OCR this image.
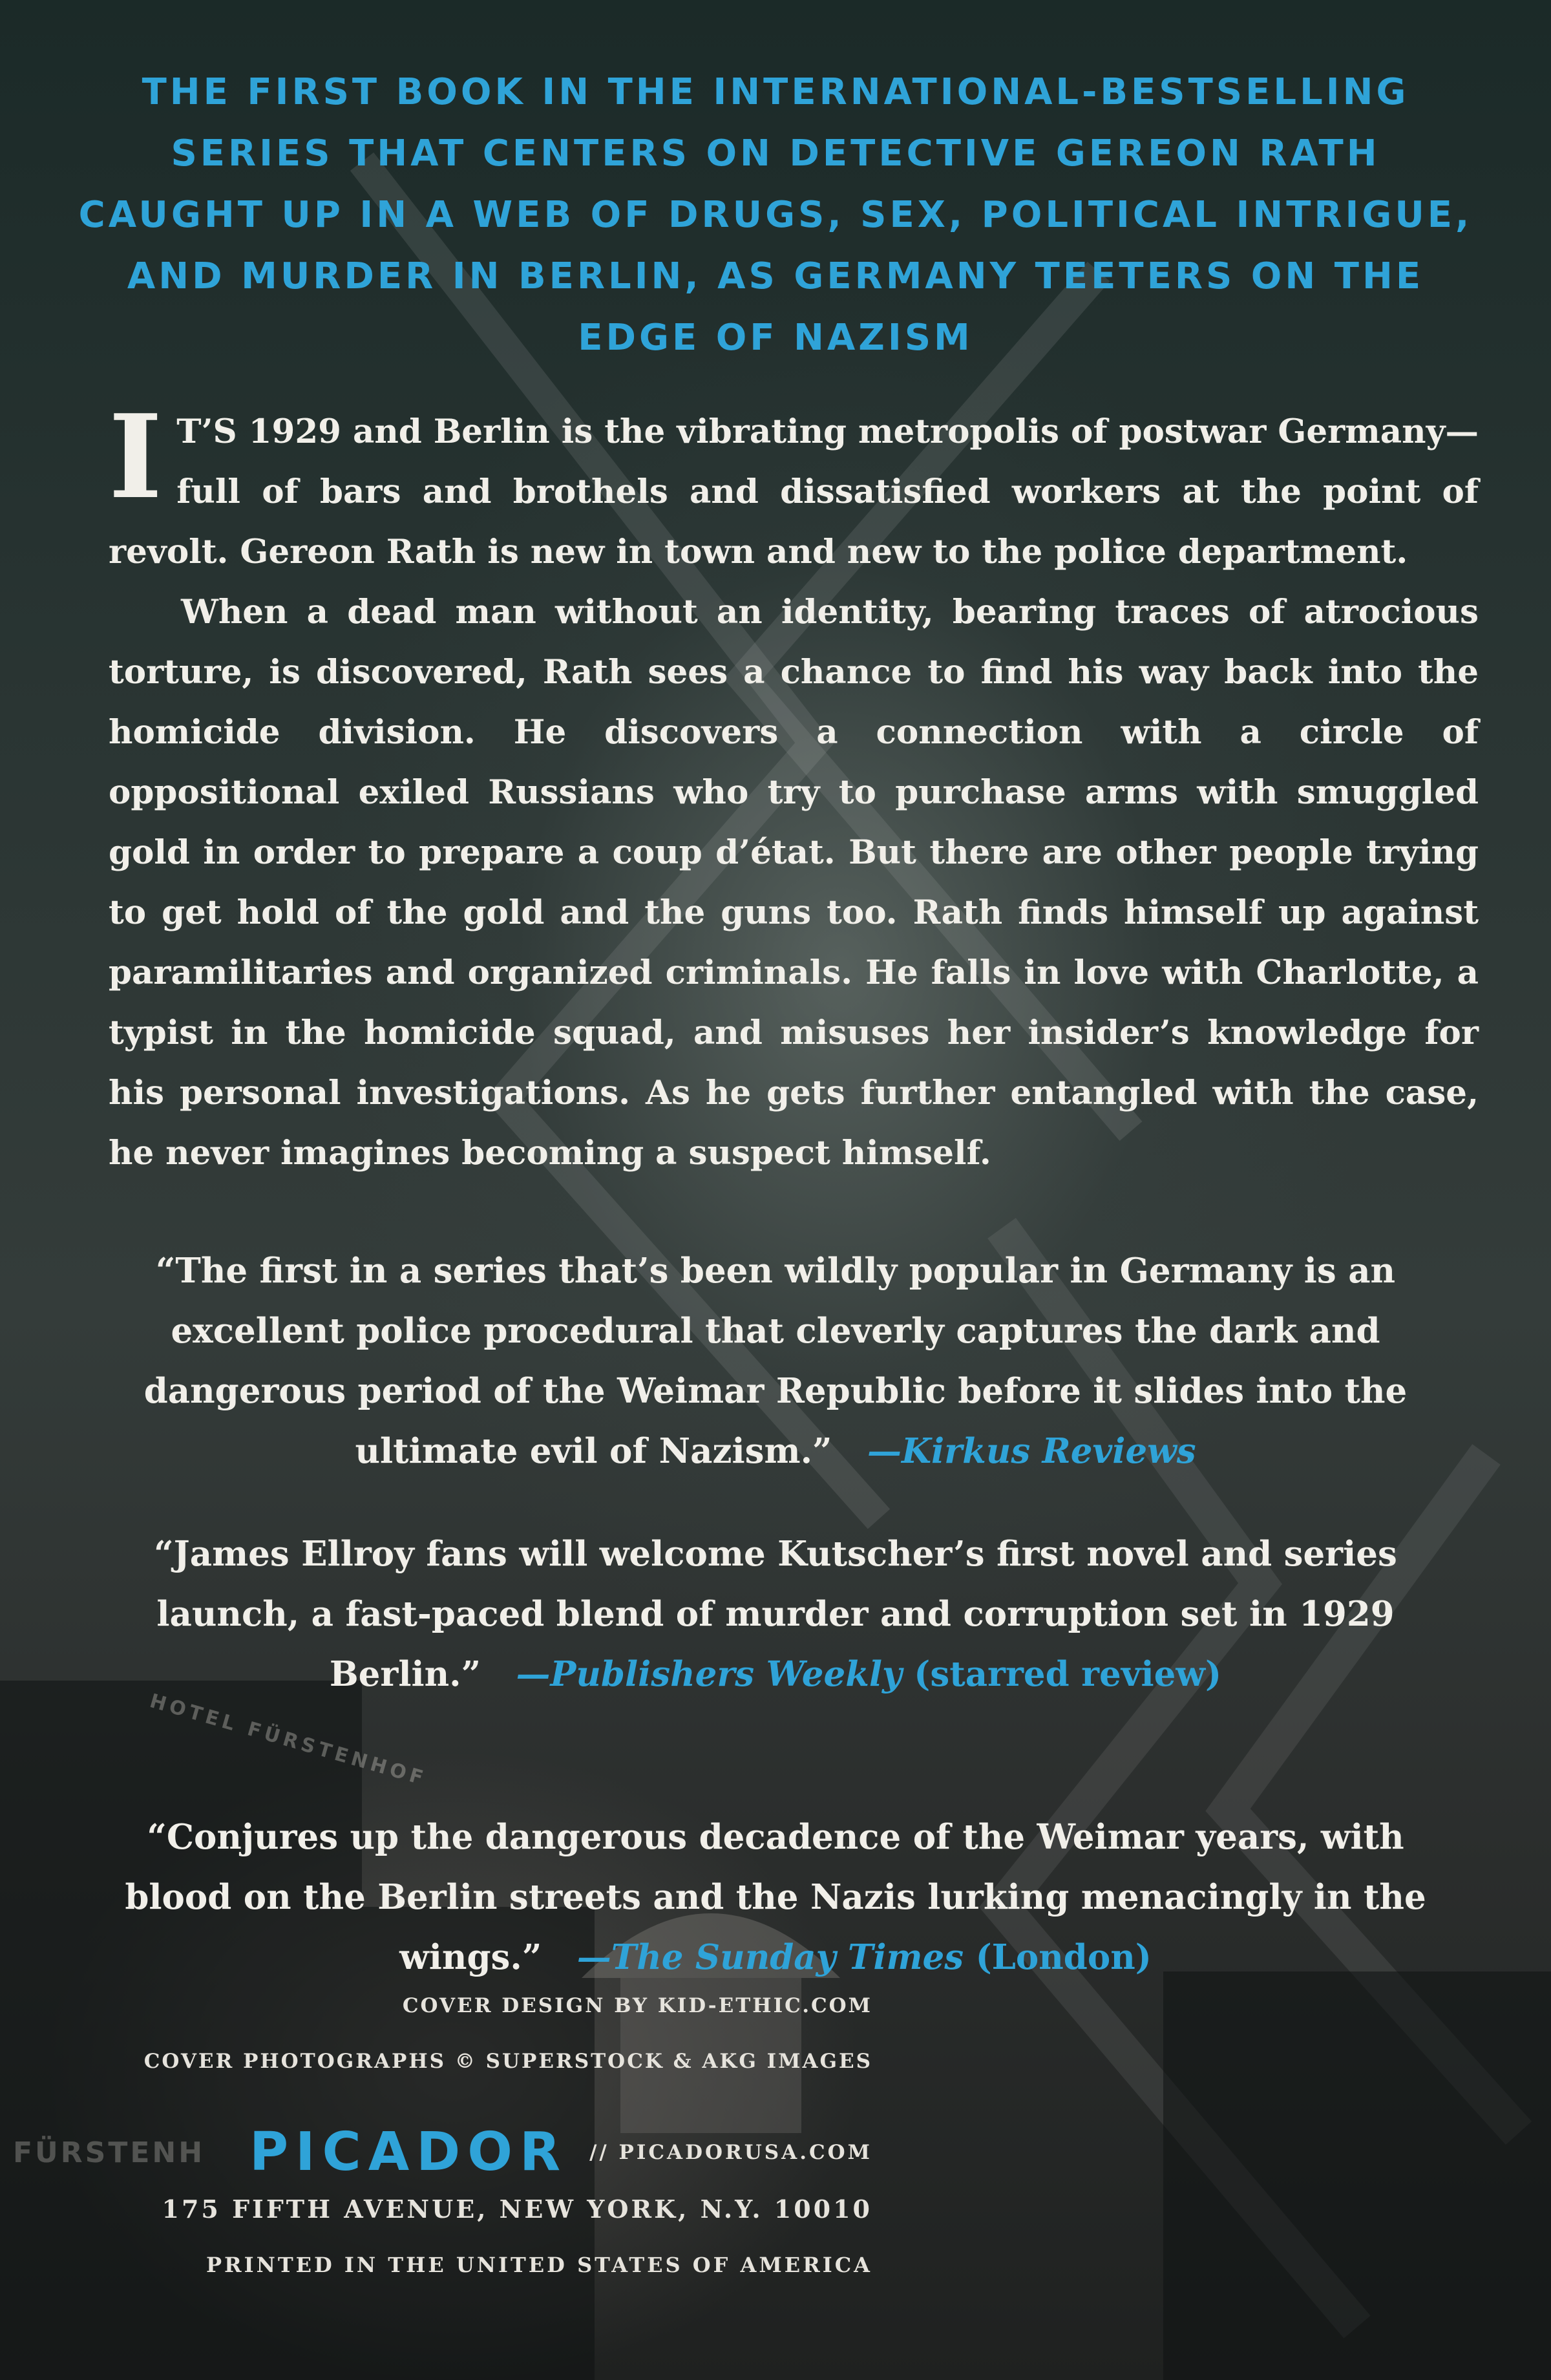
HOTEL FÜRSTENHOF
FÜRSTENH
THE FIRST BOOK IN THE INTERNATIONAL-BESTSELLING SERIES THAT CENTERS ON DETECTIVE GEREON RATH CAUGHT UP IN A WEB OF DRUGS, SEX, POLITICAL INTRIGUE, AND MURDER IN BERLIN, AS GERMANY TEETERS ON THE EDGE OF NAZISM

I T’S 1929 and Berlin is the vibrating metropolis of postwar Germany—full of bars and brothels and dissatisfied workers at the point of revolt. Gereon Rath is new in town and new to the police department.

When a dead man without an identity, bearing traces of atrocious torture, is discovered, Rath sees a chance to find his way back into the homicide division. He discovers a connection with a circle of oppositional exiled Russians who try to purchase arms with smuggled gold in order to prepare a coup d’état. But there are other people trying to get hold of the gold and the guns too. Rath finds himself up against paramilitaries and organized criminals. He falls in love with Charlotte, a typist in the homicide squad, and misuses her insider’s knowledge for his personal investigations. As he gets further entangled with the case, he never imagines becoming a suspect himself.

“The first in a series that’s been wildly popular in Germany is an excellent police procedural that cleverly captures the dark and dangerous period of the Weimar Republic before it slides into the ultimate evil of Nazism.” —Kirkus Reviews
“James Ellroy fans will welcome Kutscher’s first novel and series launch, a fast-paced blend of murder and corruption set in 1929 Berlin.” —Publishers Weekly (starred review)
“Conjures up the dangerous decadence of the Weimar years, with blood on the Berlin streets and the Nazis lurking menacingly in the wings.” —The Sunday Times (London)
COVER DESIGN BY KID-ETHIC.COM
COVER PHOTOGRAPHS © SUPERSTOCK & AKG IMAGES
PICADOR // PICADORUSA.COM
175 FIFTH AVENUE, NEW YORK, N.Y. 10010
PRINTED IN THE UNITED STATES OF AMERICA
